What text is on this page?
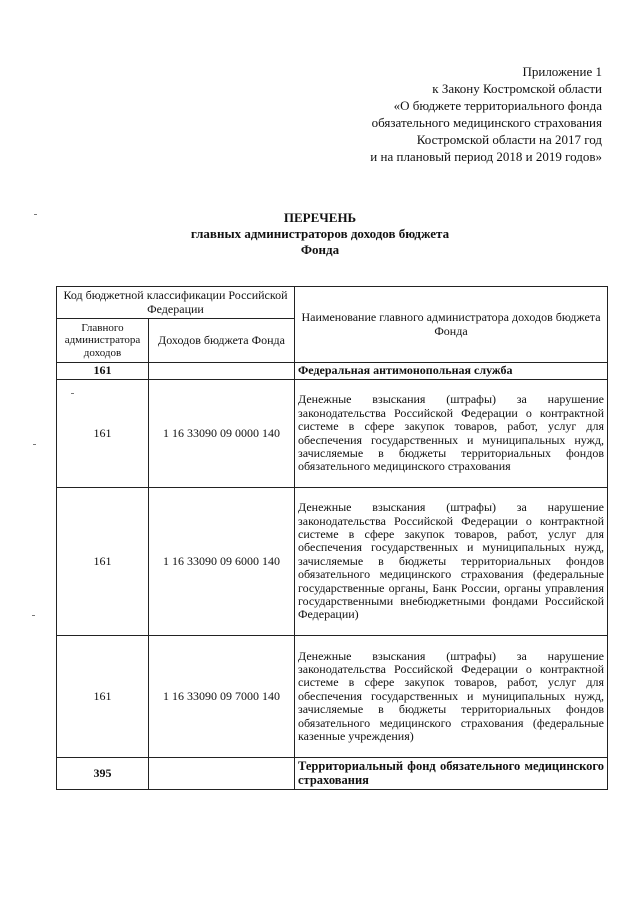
Приложение 1
к Закону Костромской области
«О бюджете территориального фонда
обязательного медицинского страхования
Костромской области на 2017 год
и на плановый период 2018 и 2019 годов»
ПЕРЕЧЕНЬ
главных администраторов доходов бюджета
Фонда
Код бюджетной классификации Российской Федерации		Наименование главного администратора доходов бюджета Фонда
Главного администратора доходов	Доходов бюджета Фонда	
161		Федеральная антимонопольная служба
161	1 16 33090 09 0000 140	Денежные взыскания (штрафы) за нарушение законодательства Российской Федерации о контрактной системе в сфере закупок товаров, работ, услуг для обеспечения государственных и муниципальных нужд, зачисляемые в бюджеты территориальных фондов обязательного медицинского страхования
161	1 16 33090 09 6000 140	Денежные взыскания (штрафы) за нарушение законодательства Российской Федерации о контрактной системе в сфере закупок товаров, работ, услуг для обеспечения государственных и муниципальных нужд, зачисляемые в бюджеты территориальных фондов обязательного медицинского страхования (федеральные государственные органы, Банк России, органы управления государственными внебюджетными фондами Российской Федерации)
161	1 16 33090 09 7000 140	Денежные взыскания (штрафы) за нарушение законодательства Российской Федерации о контрактной системе в сфере закупок товаров, работ, услуг для обеспечения государственных и муниципальных нужд, зачисляемые в бюджеты территориальных фондов обязательного медицинского страхования (федеральные казенные учреждения)
395		Территориальный фонд обязательного медицинского страхования
